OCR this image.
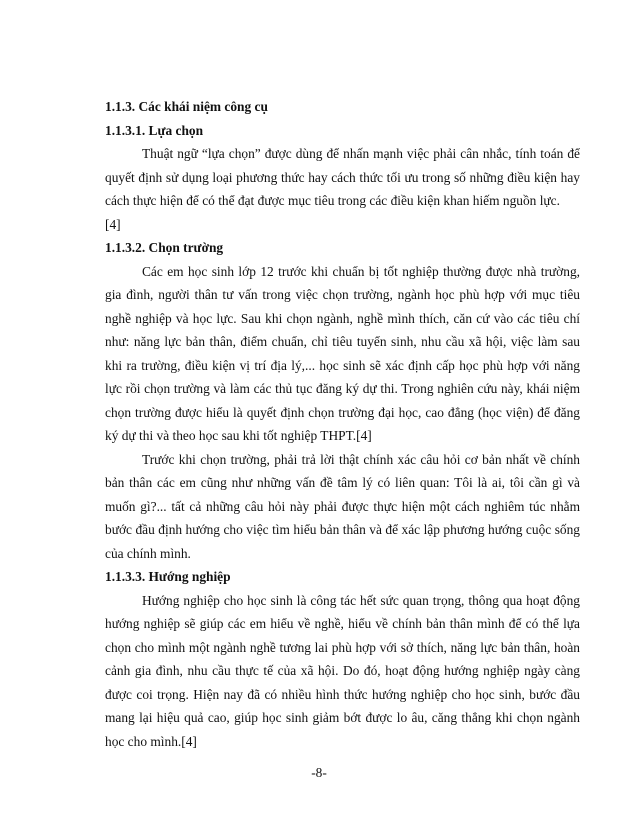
1.1.3. Các khái niệm công cụ

1.1.3.1. Lựa chọn

Thuật ngữ “lựa chọn” được dùng để nhấn mạnh việc phải cân nhắc, tính toán để quyết định sử dụng loại phương thức hay cách thức tối ưu trong số những điều kiện hay cách thực hiện để có thể đạt được mục tiêu trong các điều kiện khan hiếm nguồn lực.

[4]

1.1.3.2. Chọn trường

Các em học sinh lớp 12 trước khi chuẩn bị tốt nghiệp thường được nhà trường, gia đình, người thân tư vấn trong việc chọn trường, ngành học phù hợp với mục tiêu nghề nghiệp và học lực. Sau khi chọn ngành, nghề mình thích, căn cứ vào các tiêu chí như: năng lực bản thân, điểm chuẩn, chỉ tiêu tuyển sinh, nhu cầu xã hội, việc làm sau khi ra trường, điều kiện vị trí địa lý,... học sinh sẽ xác định cấp học phù hợp với năng lực rồi chọn trường và làm các thủ tục đăng ký dự thi. Trong nghiên cứu này, khái niệm chọn trường được hiểu là quyết định chọn trường đại học, cao đẳng (học viện) để đăng ký dự thi và theo học sau khi tốt nghiệp THPT.[4]

Trước khi chọn trường, phải trả lời thật chính xác câu hỏi cơ bản nhất về chính bản thân các em cũng như những vấn đề tâm lý có liên quan: Tôi là ai, tôi cần gì và muốn gì?... tất cả những câu hỏi này phải được thực hiện một cách nghiêm túc nhằm bước đầu định hướng cho việc tìm hiểu bản thân và để xác lập phương hướng cuộc sống của chính mình.

1.1.3.3. Hướng nghiệp

Hướng nghiệp cho học sinh là công tác hết sức quan trọng, thông qua hoạt động hướng nghiệp sẽ giúp các em hiểu về nghề, hiểu về chính bản thân mình để có thể lựa chọn cho mình một ngành nghề tương lai phù hợp với sở thích, năng lực bản thân, hoàn cảnh gia đình, nhu cầu thực tế của xã hội. Do đó, hoạt động hướng nghiệp ngày càng được coi trọng. Hiện nay đã có nhiều hình thức hướng nghiệp cho học sinh, bước đầu mang lại hiệu quả cao, giúp học sinh giảm bớt được lo âu, căng thẳng khi chọn ngành học cho mình.[4]

-8-
